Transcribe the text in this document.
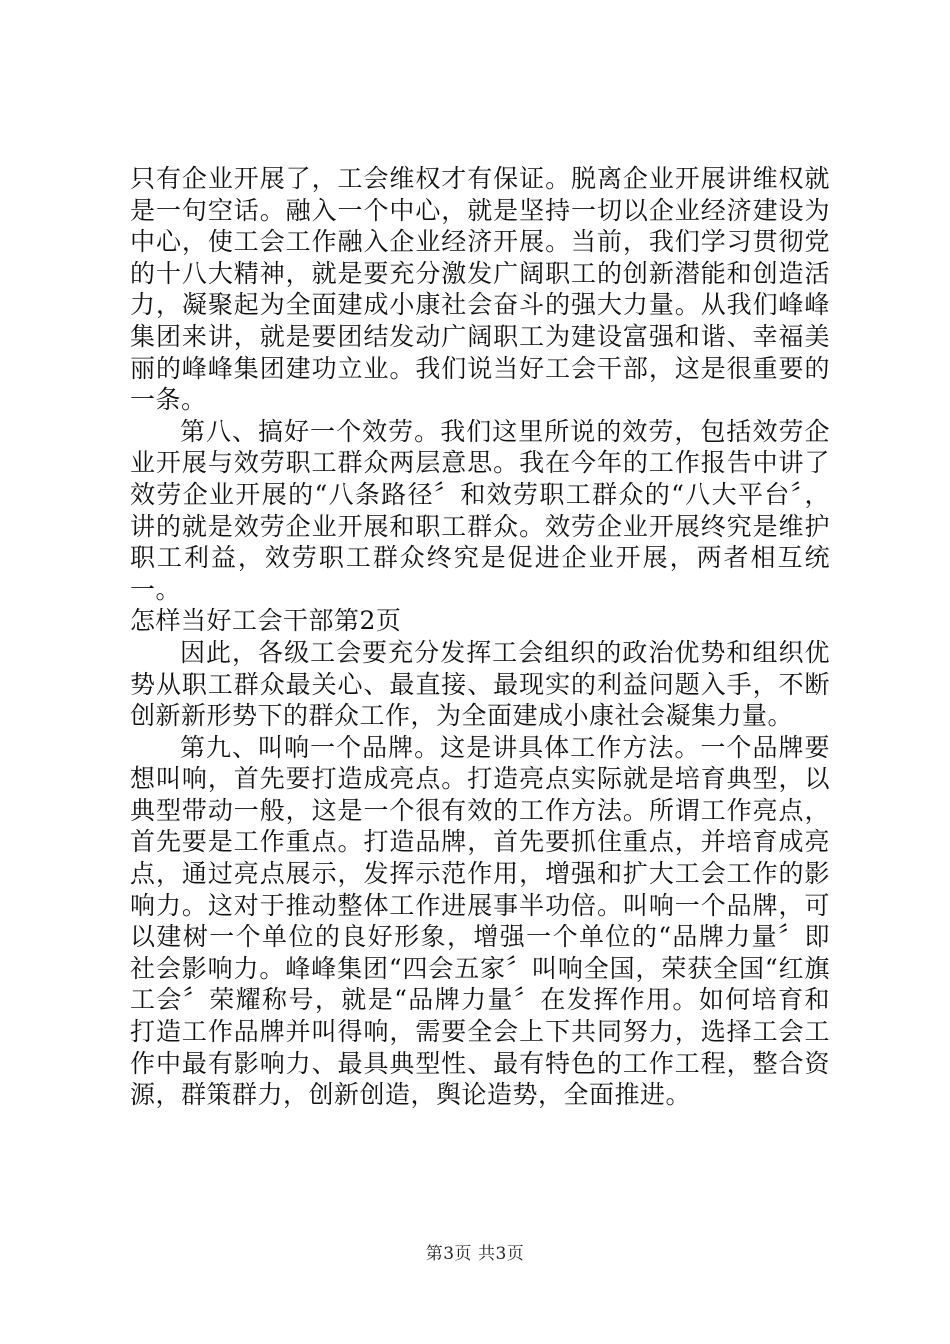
只有企业开展了，工会维权才有保证。脱离企业开展讲维权就是一句空话。融入一个中心，就是坚持一切以企业经济建设为中心，使工会工作融入企业经济开展。当前，我们学习贯彻党的十八大精神，就是要充分激发广阔职工的创新潜能和创造活力，凝聚起为全面建成小康社会奋斗的强大力量。从我们峰峰集团来讲，就是要团结发动广阔职工为建设富强和谐、幸福美丽的峰峰集团建功立业。我们说当好工会干部，这是很重要的一条。

第八、搞好一个效劳。我们这里所说的效劳，包括效劳企业开展与效劳职工群众两层意思。我在今年的工作报告中讲了效劳企业开展的“八条路径〞和效劳职工群众的“八大平台〞，讲的就是效劳企业开展和职工群众。效劳企业开展终究是维护职工利益，效劳职工群众终究是促进企业开展，两者相互统一。

怎样当好工会干部第2页

因此，各级工会要充分发挥工会组织的政治优势和组织优势从职工群众最关心、最直接、最现实的利益问题入手，不断创新新形势下的群众工作，为全面建成小康社会凝集力量。

第九、叫响一个品牌。这是讲具体工作方法。一个品牌要想叫响，首先要打造成亮点。打造亮点实际就是培育典型，以典型带动一般，这是一个很有效的工作方法。所谓工作亮点，首先要是工作重点。打造品牌，首先要抓住重点，并培育成亮点，通过亮点展示，发挥示范作用，增强和扩大工会工作的影响力。这对于推动整体工作进展事半功倍。叫响一个品牌，可以建树一个单位的良好形象，增强一个单位的“品牌力量〞即社会影响力。峰峰集团“四会五家〞叫响全国，荣获全国“红旗工会〞荣耀称号，就是“品牌力量〞在发挥作用。如何培育和打造工作品牌并叫得响，需要全会上下共同努力，选择工会工作中最有影响力、最具典型性、最有特色的工作工程，整合资源，群策群力，创新创造，舆论造势，全面推进。

第3页 共3页
